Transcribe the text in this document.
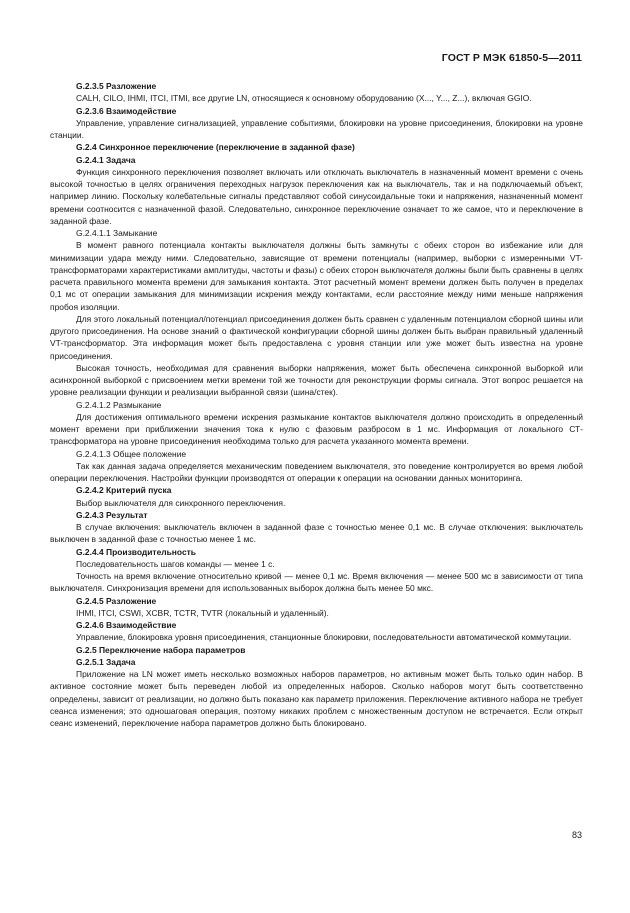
ГОСТ Р МЭК 61850-5—2011

G.2.3.5 Разложение

CALH, CILO, IHMI, ITCI, ITMI, все другие LN, относящиеся к основному оборудованию (X..., Y..., Z...), включая GGIO.

G.2.3.6 Взаимодействие

Управление, управление сигнализацией, управление событиями, блокировки на уровне присоединения, блокировки на уровне станции.

G.2.4 Синхронное переключение (переключение в заданной фазе)

G.2.4.1 Задача

Функция синхронного переключения позволяет включать или отключать выключатель в назначенный момент времени с очень высокой точностью в целях ограничения переходных нагрузок переключения как на выключатель, так и на подключаемый объект, например линию. Поскольку колебательные сигналы представляют собой синусоидальные токи и напряжения, назначенный момент времени соотносится с назначенной фазой. Следовательно, синхронное переключение означает то же самое, что и переключение в заданной фазе.

G.2.4.1.1 Замыкание

В момент равного потенциала контакты выключателя должны быть замкнуты с обеих сторон во избежание или для минимизации удара между ними. Следовательно, зависящие от времени потенциалы (например, выборки с измеренными VT-трансформаторами характеристиками амплитуды, частоты и фазы) с обеих сторон выключателя должны были быть сравнены в целях расчета правильного момента времени для замыкания контакта. Этот расчетный момент времени должен быть получен в пределах 0,1 мс от операции замыкания для минимизации искрения между контактами, если расстояние между ними меньше напряжения пробоя изоляции.

Для этого локальный потенциал/потенциал присоединения должен быть сравнен с удаленным потенциалом сборной шины или другого присоединения. На основе знаний о фактической конфигурации сборной шины должен быть выбран правильный удаленный VT-трансформатор. Эта информация может быть предоставлена с уровня станции или уже может быть известна на уровне присоединения.

Высокая точность, необходимая для сравнения выборки напряжения, может быть обеспечена синхронной выборкой или асинхронной выборкой с присвоением метки времени той же точности для реконструкции формы сигнала. Этот вопрос решается на уровне реализации функции и реализации выбранной связи (шина/стек).

G.2.4.1.2 Размыкание

Для достижения оптимального времени искрения размыкание контактов выключателя должно происходить в определенный момент времени при приближении значения тока к нулю с фазовым разбросом в 1 мс. Информация от локального СТ-трансформатора на уровне присоединения необходима только для расчета указанного момента времени.

G.2.4.1.3 Общее положение

Так как данная задача определяется механическим поведением выключателя, это поведение контролируется во время любой операции переключения. Настройки функции производятся от операции к операции на основании данных мониторинга.

G.2.4.2 Критерий пуска

Выбор выключателя для синхронного переключения.

G.2.4.3 Результат

В случае включения: выключатель включен в заданной фазе с точностью менее 0,1 мс. В случае отключения: выключатель выключен в заданной фазе с точностью менее 1 мс.

G.2.4.4 Производительность

Последовательность шагов команды — менее 1 с.

Точность на время включение относительно кривой — менее 0,1 мс. Время включения — менее 500 мс в зависимости от типа выключателя. Синхронизация времени для использованных выборок должна быть менее 50 мкс.

G.2.4.5 Разложение

IHMI, ITCI, CSWI, XCBR, TCTR, TVTR (локальный и удаленный).

G.2.4.6 Взаимодействие

Управление, блокировка уровня присоединения, станционные блокировки, последовательности автоматической коммутации.

G.2.5 Переключение набора параметров

G.2.5.1 Задача

Приложение на LN может иметь несколько возможных наборов параметров, но активным может быть только один набор. В активное состояние может быть переведен любой из определенных наборов. Сколько наборов могут быть соответственно определены, зависит от реализации, но должно быть показано как параметр приложения. Переключение активного набора не требует сеанса изменения; это одношаговая операция, поэтому никаких проблем с множественным доступом не встречается. Если открыт сеанс изменений, переключение набора параметров должно быть блокировано.

83
